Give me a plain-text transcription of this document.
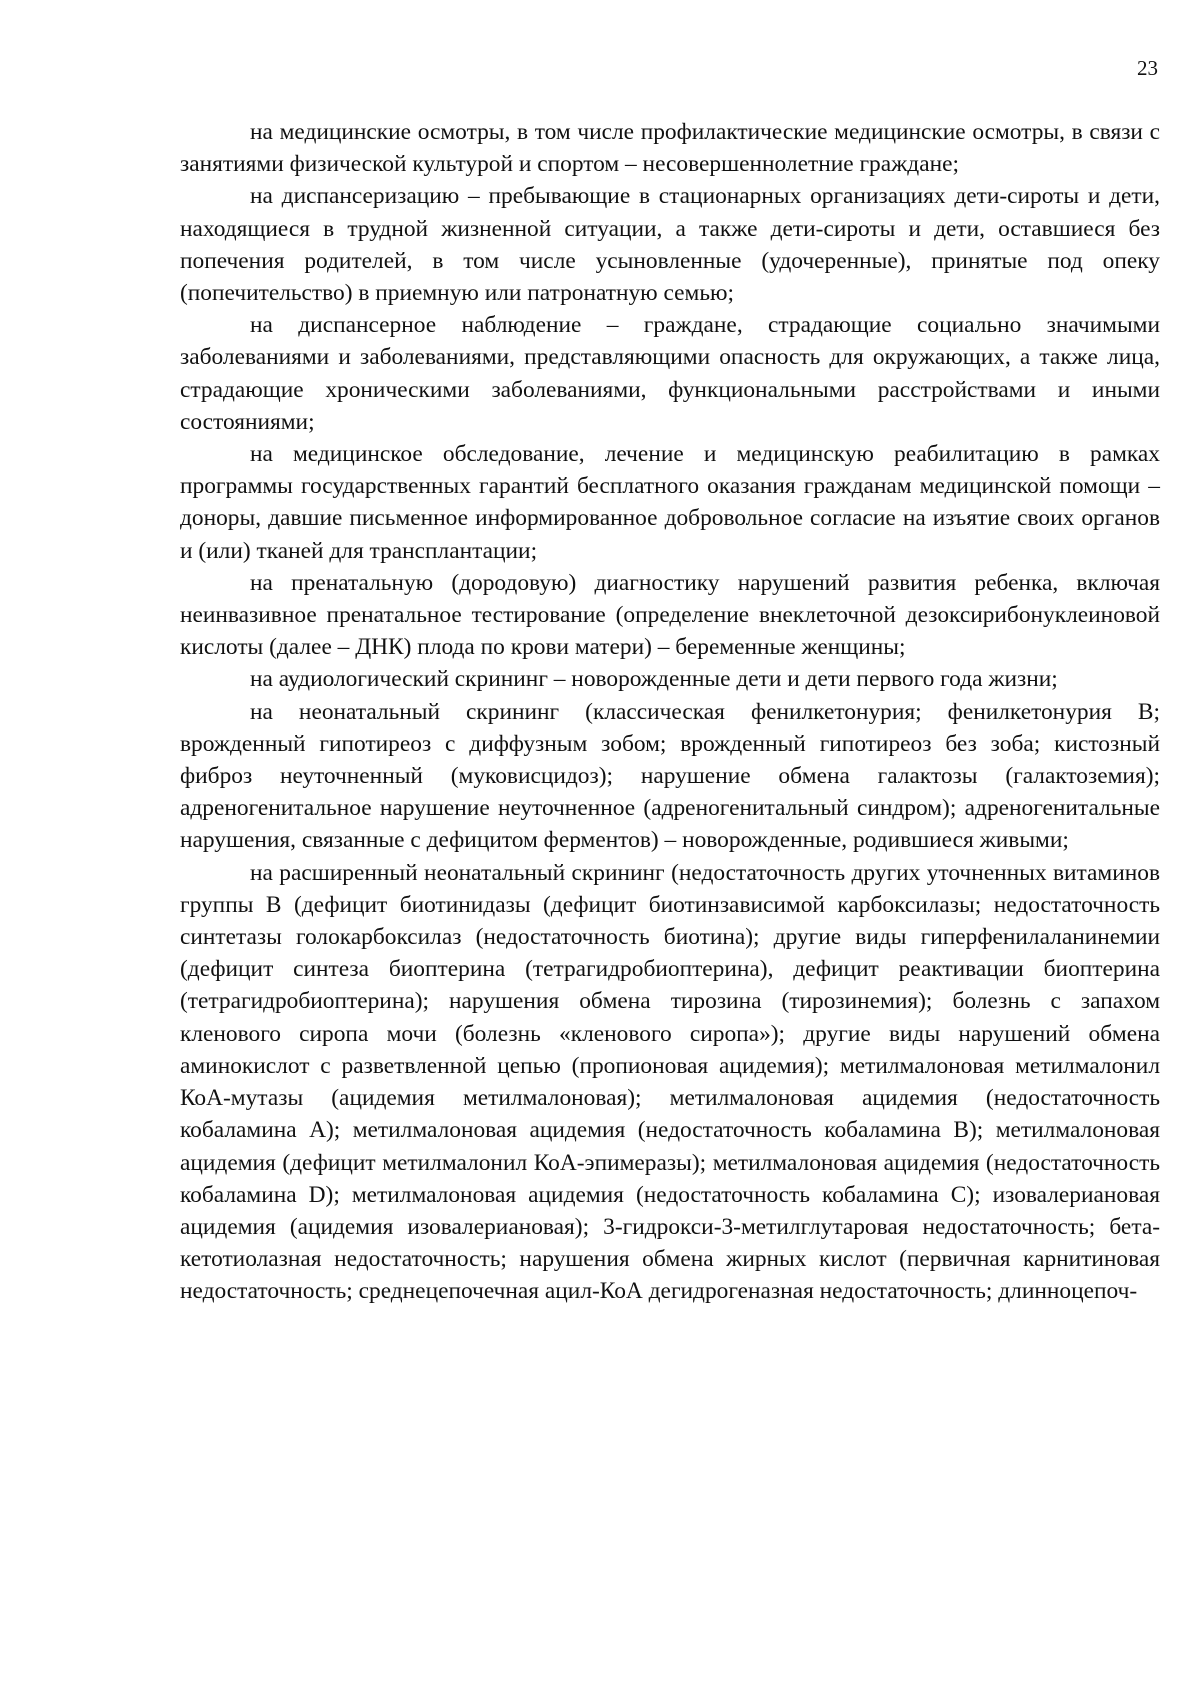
23

на медицинские осмотры, в том числе профилактические медицинские осмотры, в связи с занятиями физической культурой и спортом – несовершеннолетние граждане;

на диспансеризацию – пребывающие в стационарных организациях дети-сироты и дети, находящиеся в трудной жизненной ситуации, а также дети-сироты и дети, оставшиеся без попечения родителей, в том числе усыновленные (удочеренные), принятые под опеку (попечительство) в приемную или патронатную семью;

на диспансерное наблюдение – граждане, страдающие социально значимыми заболеваниями и заболеваниями, представляющими опасность для окружающих, а также лица, страдающие хроническими заболеваниями, функциональными расстройствами и иными состояниями;

на медицинское обследование, лечение и медицинскую реабилитацию в рамках программы государственных гарантий бесплатного оказания гражданам медицинской помощи – доноры, давшие письменное информированное добровольное согласие на изъятие своих органов и (или) тканей для трансплантации;

на пренатальную (дородовую) диагностику нарушений развития ребенка, включая неинвазивное пренатальное тестирование (определение внеклеточной дезоксирибонуклеиновой кислоты (далее – ДНК) плода по крови матери) – беременные женщины;

на аудиологический скрининг – новорожденные дети и дети первого года жизни;

на неонатальный скрининг (классическая фенилкетонурия; фенилкетонурия B; врожденный гипотиреоз с диффузным зобом; врожденный гипотиреоз без зоба; кистозный фиброз неуточненный (муковисцидоз); нарушение обмена галактозы (галактоземия); адреногенитальное нарушение неуточненное (адреногенитальный синдром); адреногенитальные нарушения, связанные с дефицитом ферментов) – новорожденные, родившиеся живыми;

на расширенный неонатальный скрининг (недостаточность других уточненных витаминов группы B (дефицит биотинидазы (дефицит биотинзависимой карбоксилазы; недостаточность синтетазы голокарбоксилаз (недостаточность биотина); другие виды гиперфенилаланинемии (дефицит синтеза биоптерина (тетрагидробиоптерина), дефицит реактивации биоптерина (тетрагидробиоптерина); нарушения обмена тирозина (тирозинемия); болезнь с запахом кленового сиропа мочи (болезнь «кленового сиропа»); другие виды нарушений обмена аминокислот с разветвленной цепью (пропионовая ацидемия); метилмалоновая метилмалонил КоА-мутазы (ацидемия метилмалоновая); метилмалоновая ацидемия (недостаточность кобаламина A); метилмалоновая ацидемия (недостаточность кобаламина B); метилмалоновая ацидемия (дефицит метилмалонил КоА-эпимеразы); метилмалоновая ацидемия (недостаточность кобаламина D); метилмалоновая ацидемия (недостаточность кобаламина C); изовалериановая ацидемия (ацидемия изовалериановая); 3-гидрокси-3-метилглутаровая недостаточность; бета-кетотиолазная недостаточность; нарушения обмена жирных кислот (первичная карнитиновая недостаточность; среднецепочечная ацил-КоА дегидрогеназная недостаточность; длинноцепоч-
